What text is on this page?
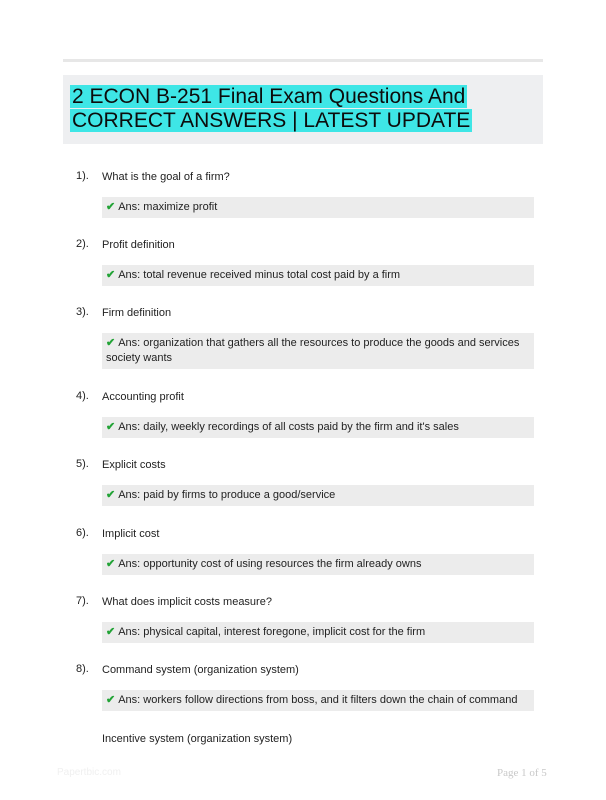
2 ECON B-251 Final Exam Questions And CORRECT ANSWERS | LATEST UPDATE
1). What is the goal of a firm?
✔ Ans: maximize profit
2). Profit definition
✔ Ans: total revenue received minus total cost paid by a firm
3). Firm definition
✔ Ans: organization that gathers all the resources to produce the goods and services society wants
4). Accounting profit
✔ Ans: daily, weekly recordings of all costs paid by the firm and it's sales
5). Explicit costs
✔ Ans: paid by firms to produce a good/service
6). Implicit cost
✔ Ans: opportunity cost of using resources the firm already owns
7). What does implicit costs measure?
✔ Ans: physical capital, interest foregone, implicit cost for the firm
8). Command system (organization system)
✔ Ans: workers follow directions from boss, and it filters down the chain of command
Incentive system (organization system)
Papertbic.com	Page 1 of 5
